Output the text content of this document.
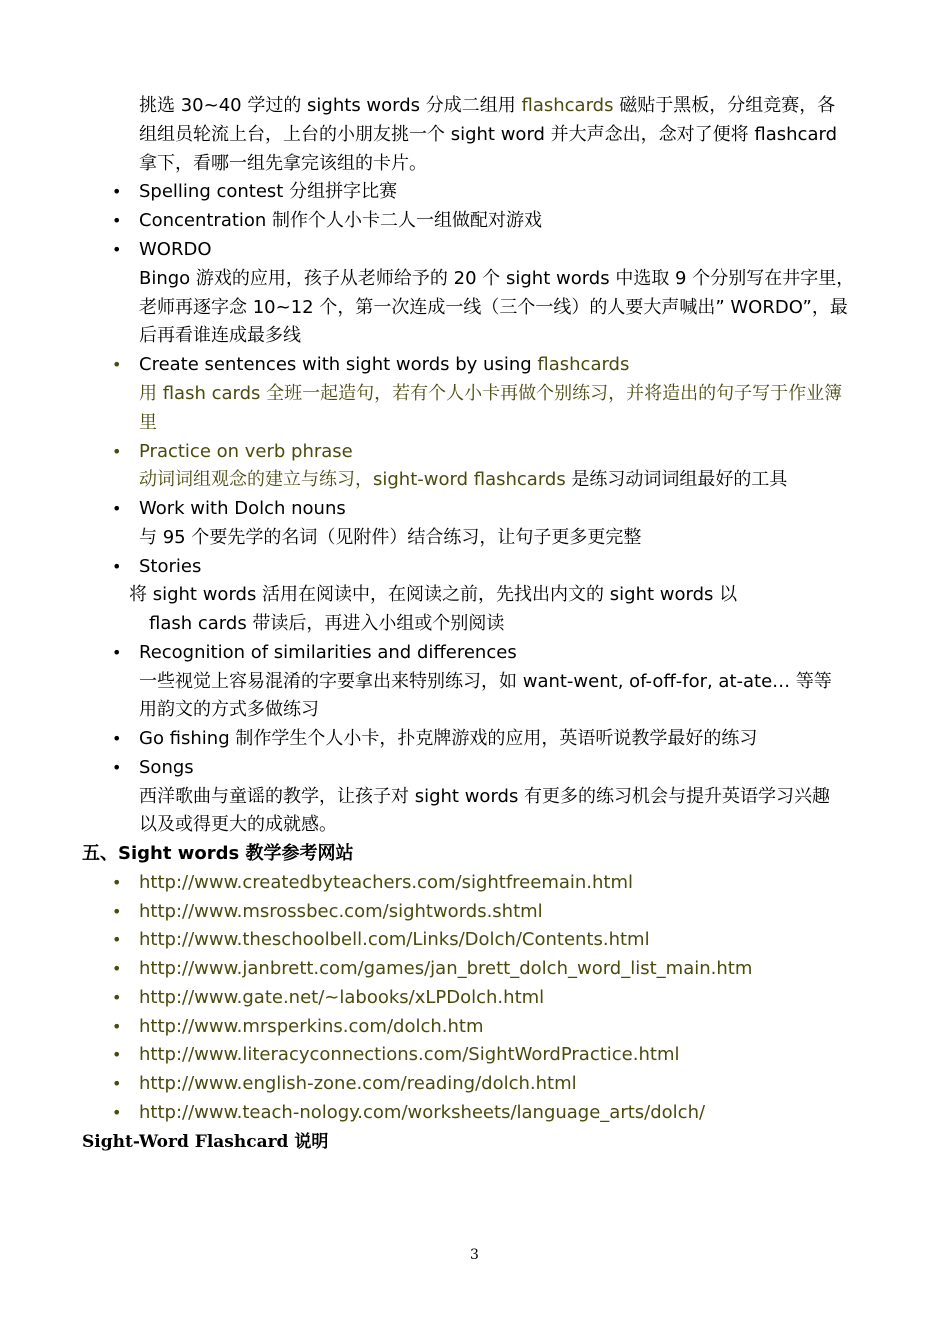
挑选 30~40 学过的 sights words 分成二组用 flashcards 磁贴于黑板，分组竞赛，各
组组员轮流上台，上台的小朋友挑一个 sight word 并大声念出，念对了便将 flashcard
拿下，看哪一组先拿完该组的卡片。
• Spelling contest 分组拼字比赛
• Concentration 制作个人小卡二人一组做配对游戏
• WORDO
Bingo 游戏的应用，孩子从老师给予的 20 个 sight words 中选取 9 个分别写在井字里，
老师再逐字念 10~12 个，第一次连成一线（三个一线）的人要大声喊出” WORDO”，最
后再看谁连成最多线
• Create sentences with sight words by using flashcards
用 flash cards 全班一起造句，若有个人小卡再做个别练习，并将造出的句子写于作业簿
里
• Practice on verb phrase
动词词组观念的建立与练习，sight-word flashcards 是练习动词词组最好的工具
• Work with Dolch nouns
与 95 个要先学的名词（见附件）结合练习，让句子更多更完整
• Stories
将 sight words 活用在阅读中，在阅读之前，先找出内文的 sight words 以
flash cards 带读后，再进入小组或个别阅读
• Recognition of similarities and differences
一些视觉上容易混淆的字要拿出来特别练习，如 want-went, of-off-for, at-ate… 等等
用韵文的方式多做练习
• Go fishing 制作学生个人小卡，扑克牌游戏的应用，英语听说教学最好的练习
• Songs
西洋歌曲与童谣的教学，让孩子对 sight words 有更多的练习机会与提升英语学习兴趣
以及或得更大的成就感。
五、Sight words 教学参考网站
• http://www.createdbyteachers.com/sightfreemain.html
• http://www.msrossbec.com/sightwords.shtml
• http://www.theschoolbell.com/Links/Dolch/Contents.html
• http://www.janbrett.com/games/jan_brett_dolch_word_list_main.htm
• http://www.gate.net/~labooks/xLPDolch.html
• http://www.mrsperkins.com/dolch.htm
• http://www.literacyconnections.com/SightWordPractice.html
• http://www.english-zone.com/reading/dolch.html
• http://www.teach-nology.com/worksheets/language_arts/dolch/
Sight-Word Flashcard 说明
3
